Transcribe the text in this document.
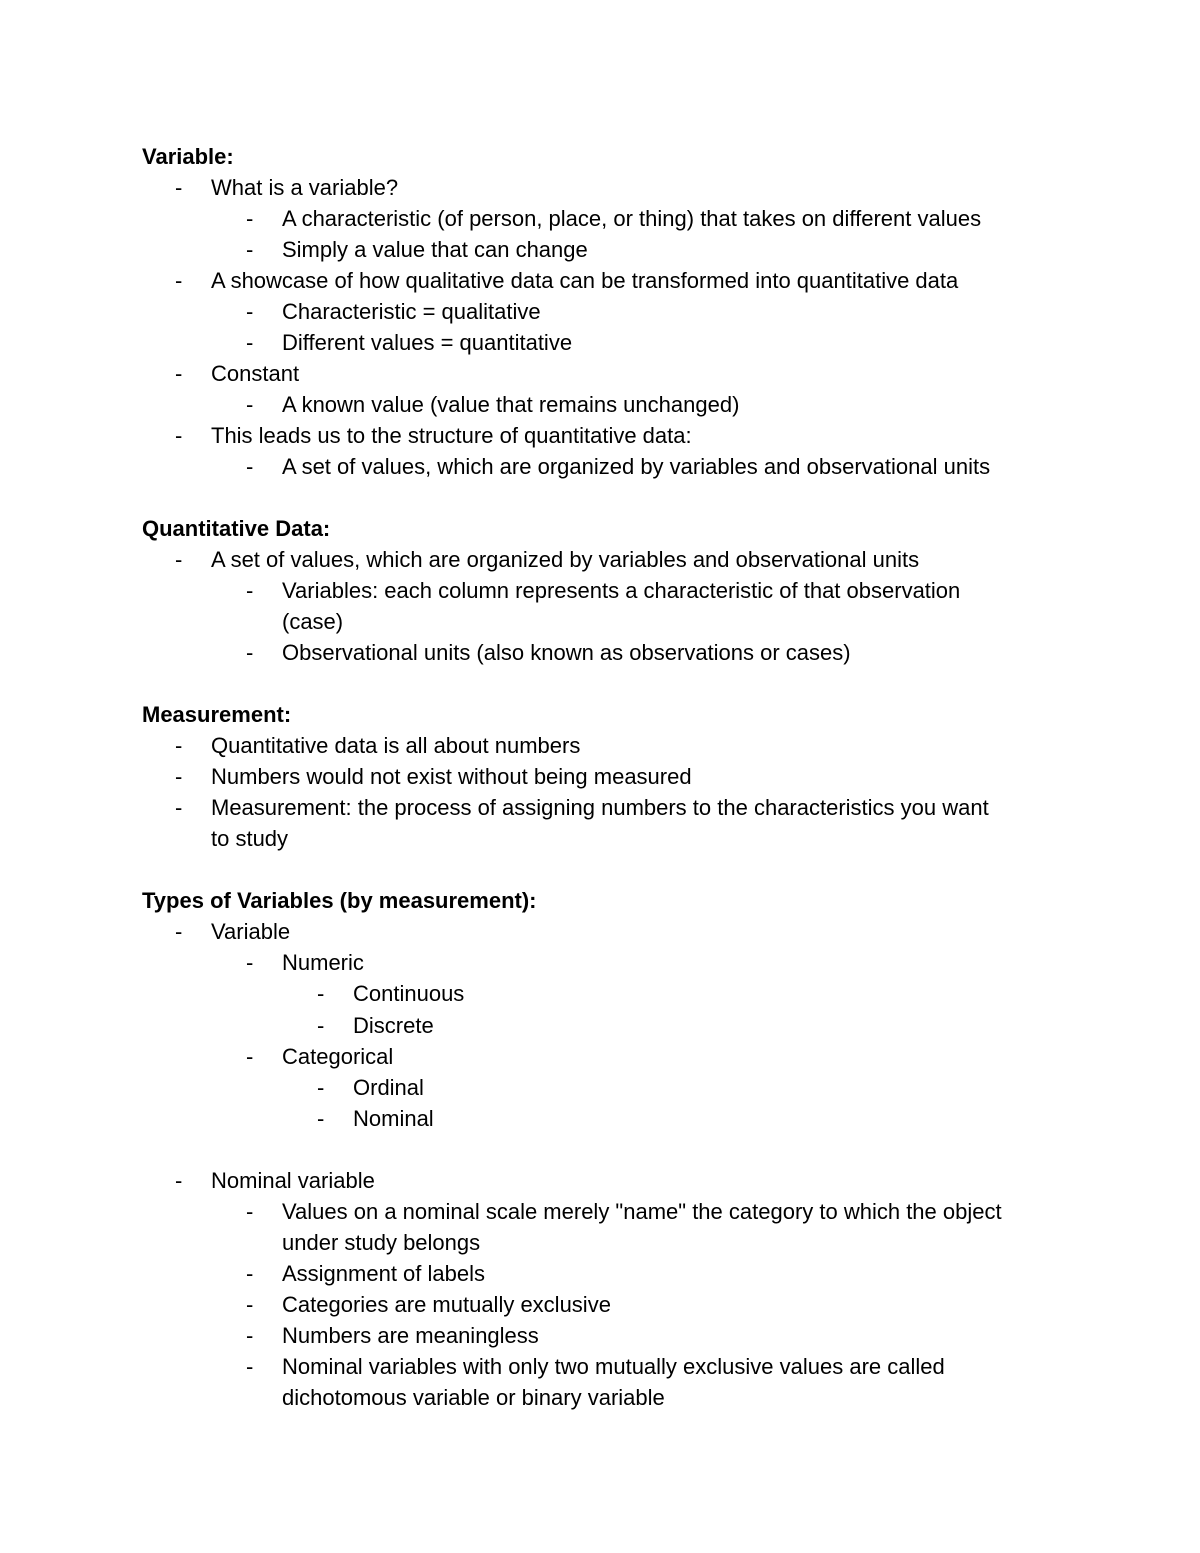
Variable:
- What is a variable?
- A characteristic (of person, place, or thing) that takes on different values
- Simply a value that can change
- A showcase of how qualitative data can be transformed into quantitative data
- Characteristic = qualitative
- Different values = quantitative
- Constant
- A known value (value that remains unchanged)
- This leads us to the structure of quantitative data:
- A set of values, which are organized by variables and observational units
Quantitative Data:
- A set of values, which are organized by variables and observational units
- Variables: each column represents a characteristic of that observation
(case)
- Observational units (also known as observations or cases)
Measurement:
- Quantitative data is all about numbers
- Numbers would not exist without being measured
- Measurement: the process of assigning numbers to the characteristics you want
to study
Types of Variables (by measurement):
- Variable
- Numeric
- Continuous
- Discrete
- Categorical
- Ordinal
- Nominal
- Nominal variable
- Values on a nominal scale merely "name" the category to which the object
under study belongs
- Assignment of labels
- Categories are mutually exclusive
- Numbers are meaningless
- Nominal variables with only two mutually exclusive values are called
dichotomous variable or binary variable
